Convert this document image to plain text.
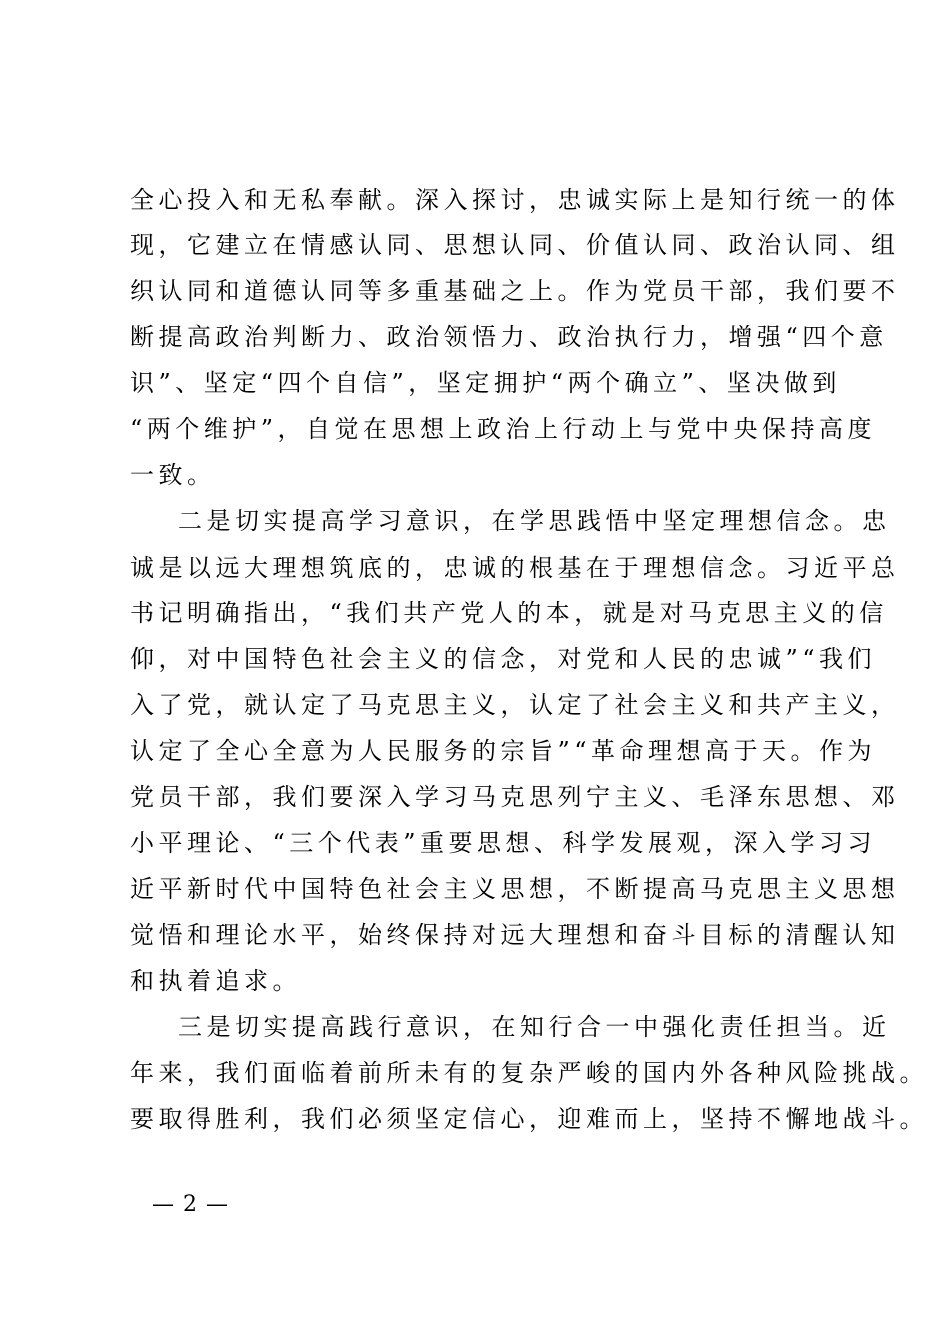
全心投入和无私奉献。深入探讨，忠诚实际上是知行统一的体
现，它建立在情感认同、思想认同、价值认同、政治认同、组
织认同和道德认同等多重基础之上。作为党员干部，我们要不
断提高政治判断力、政治领悟力、政治执行力，增强“四个意
识”、坚定“四个自信”，坚定拥护“两个确立”、坚决做到
“两个维护”，自觉在思想上政治上行动上与党中央保持高度
一致。
二是切实提高学习意识，在学思践悟中坚定理想信念。忠
诚是以远大理想筑底的，忠诚的根基在于理想信念。习近平总
书记明确指出，“我们共产党人的本，就是对马克思主义的信
仰，对中国特色社会主义的信念，对党和人民的忠诚”“我们
入了党，就认定了马克思主义，认定了社会主义和共产主义，
认定了全心全意为人民服务的宗旨”“革命理想高于天。作为
党员干部，我们要深入学习马克思列宁主义、毛泽东思想、邓
小平理论、“三个代表”重要思想、科学发展观，深入学习习
近平新时代中国特色社会主义思想，不断提高马克思主义思想
觉悟和理论水平，始终保持对远大理想和奋斗目标的清醒认知
和执着追求。
三是切实提高践行意识，在知行合一中强化责任担当。近
年来，我们面临着前所未有的复杂严峻的国内外各种风险挑战。
要取得胜利，我们必须坚定信心，迎难而上，坚持不懈地战斗。
— 2 —
